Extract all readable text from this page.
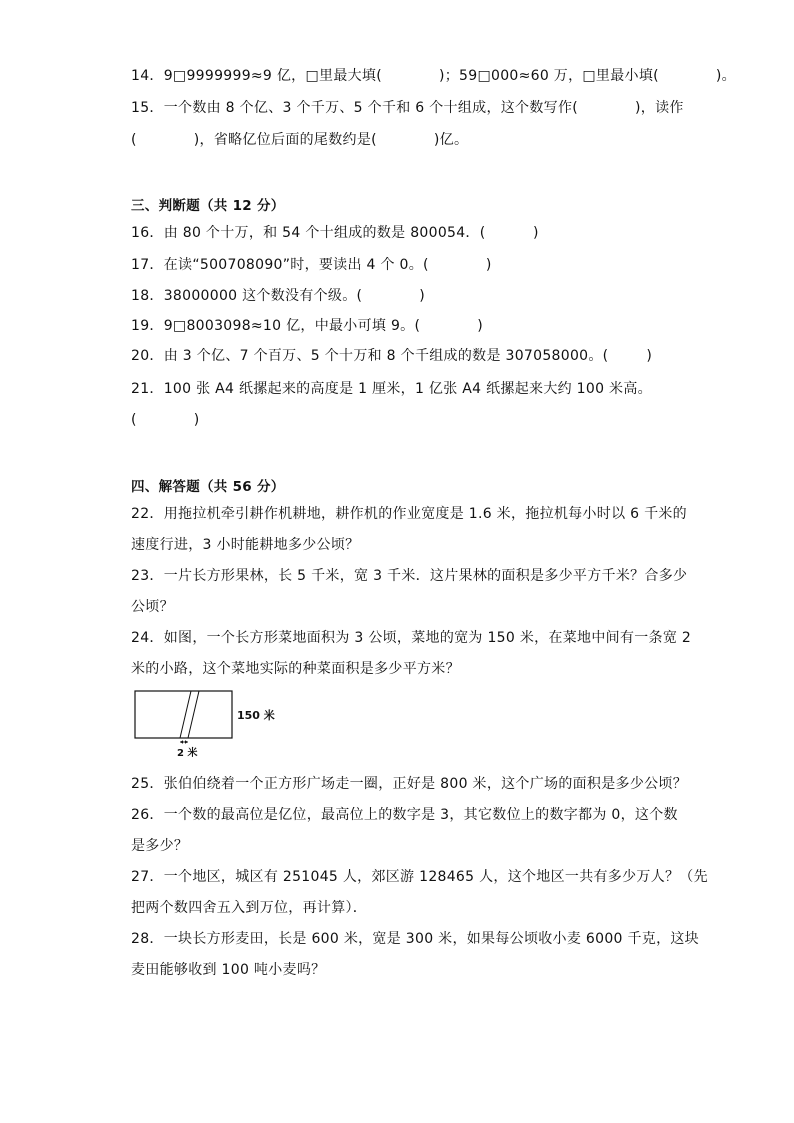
14．9□9999999≈9 亿，□里最大填(            )；59□000≈60 万，□里最小填(            )。
15．一个数由 8 个亿、3 个千万、5 个千和 6 个十组成，这个数写作(            )，读作
(            )，省略亿位后面的尾数约是(            )亿。
三、判断题（共 12 分）
16．由 80 个十万，和 54 个十组成的数是 800054．(          )
17．在读“500708090”时，要读出 4 个 0。(            )
18．38000000 这个数没有个级。(            )
19．9□8003098≈10 亿，中最小可填 9。(            )
20．由 3 个亿、7 个百万、5 个十万和 8 个千组成的数是 307058000。(        )
21．100 张 A4 纸摞起来的高度是 1 厘米，1 亿张 A4 纸摞起来大约 100 米高。
(            )
四、解答题（共 56 分）
22．用拖拉机牵引耕作机耕地，耕作机的作业宽度是 1.6 米，拖拉机每小时以 6 千米的
速度行进，3 小时能耕地多少公顷？
23．一片长方形果林，长 5 千米，宽 3 千米．这片果林的面积是多少平方千米？合多少
公顷？
24．如图，一个长方形菜地面积为 3 公顷，菜地的宽为 150 米，在菜地中间有一条宽 2
米的小路，这个菜地实际的种菜面积是多少平方米？
150 米
2 米
25．张伯伯绕着一个正方形广场走一圈，正好是 800 米，这个广场的面积是多少公顷？
26．一个数的最高位是亿位，最高位上的数字是 3，其它数位上的数字都为 0，这个数
是多少？
27．一个地区，城区有 251045 人，郊区游 128465 人，这个地区一共有多少万人？（先
把两个数四舍五入到万位，再计算）．
28．一块长方形麦田，长是 600 米，宽是 300 米，如果每公顷收小麦 6000 千克，这块
麦田能够收到 100 吨小麦吗？
